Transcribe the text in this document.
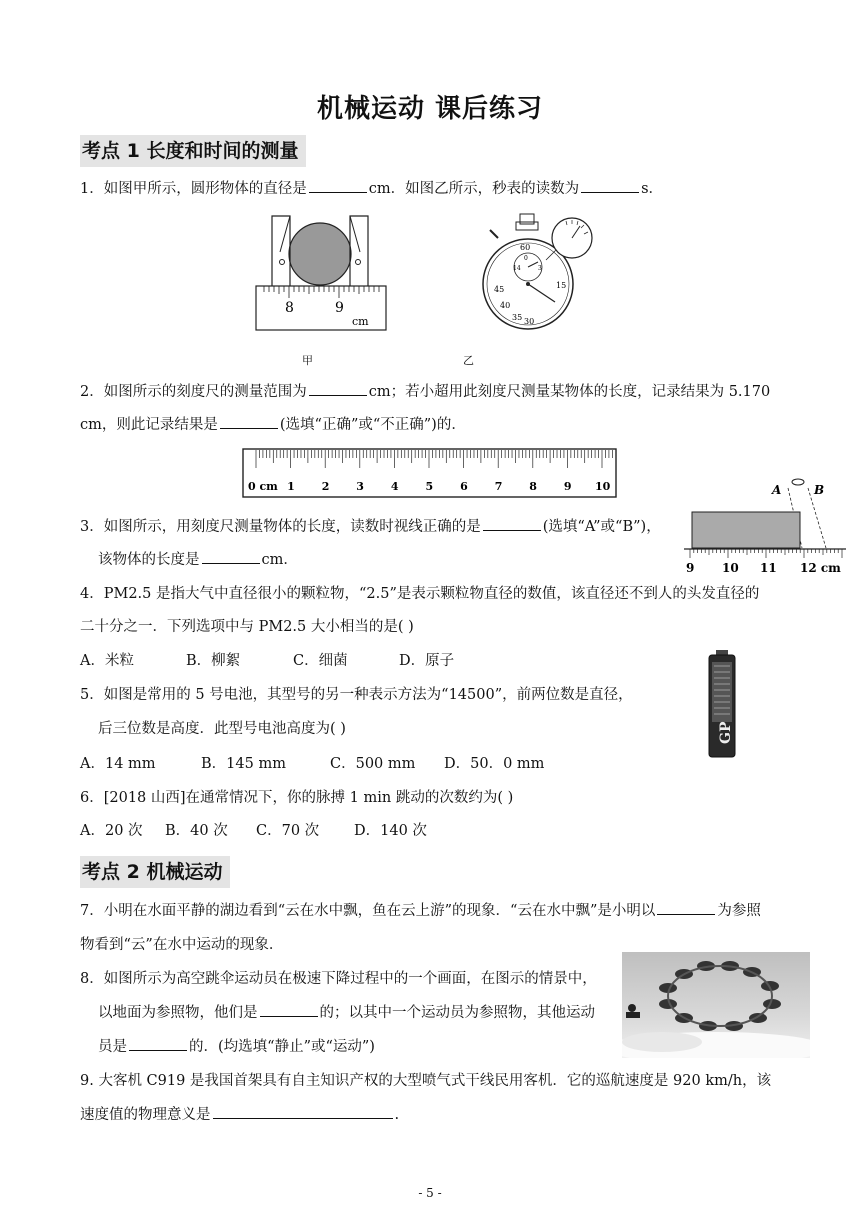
机械运动 课后练习
考点 1 长度和时间的测量
1．如图甲所示，圆形物体的直径是	cm．如图乙所示，秒表的读数为	s．
8	9
cm
60
0
14	3
15
45
40
35 30
甲	乙
2．如图所示的刻度尺的测量范围为	cm；若小超用此刻度尺测量某物体的长度，记录结果为 5.170
cm，则此记录结果是	(选填“正确”或“不正确”)的．
0 cm 1 2 3 4 5 6 7 8 9 10
3．如图所示，用刻度尺测量物体的长度，读数时视线正确的是	(选填“A”或“B”)，
该物体的长度是	cm．
A	B
9 10 11 12 cm
4．PM2.5 是指大气中直径很小的颗粒物，“2.5”是表示颗粒物直径的数值，该直径还不到人的头发直径的
二十分之一．下列选项中与 PM2.5 大小相当的是( )
A．米粒	B．柳絮	C．细菌	D．原子
GP
5．如图是常用的 5 号电池，其型号的另一种表示方法为“14500”，前两位数是直径，
后三位数是高度．此型号电池高度为( )
A．14 mm	B．145 mm	C．500 mm D．50．0 mm
6．[2018 山西]在通常情况下，你的脉搏 1 min 跳动的次数约为( )
A．20 次 B．40 次 C．70 次 D．140 次
考点 2 机械运动
7．小明在水面平静的湖边看到“云在水中飘，鱼在云上游”的现象．“云在水中飘”是小明以	为参照
物看到“云”在水中运动的现象．
8．如图所示为高空跳伞运动员在极速下降过程中的一个画面，在图示的情景中，
以地面为参照物，他们是	的；以其中一个运动员为参照物，其他运动
员是	的．(均选填“静止”或“运动”)
9. 大客机 C919 是我国首架具有自主知识产权的大型喷气式干线民用客机．它的巡航速度是 920 km/h，该
速度值的物理意义是	.
- 5 -
